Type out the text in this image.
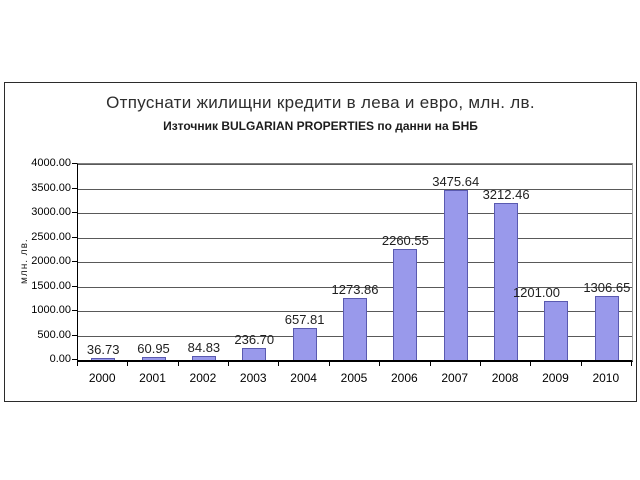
Отпуснати жилищни кредити в лева и евро, млн. лв.
Източник BULGARIAN PROPERTIES по данни на БНБ
млн. лв.
36.73	60.95	84.83	236.70
657.81
1273.86
2260.55
3475.64
3212.46
1201.00	1306.65
0.00
500.00
1000.00
1500.00
2000.00
2500.00
3000.00
3500.00
4000.00
2000	2001	2002	2003	2004	2005	2006	2007	2008	2009	2010
